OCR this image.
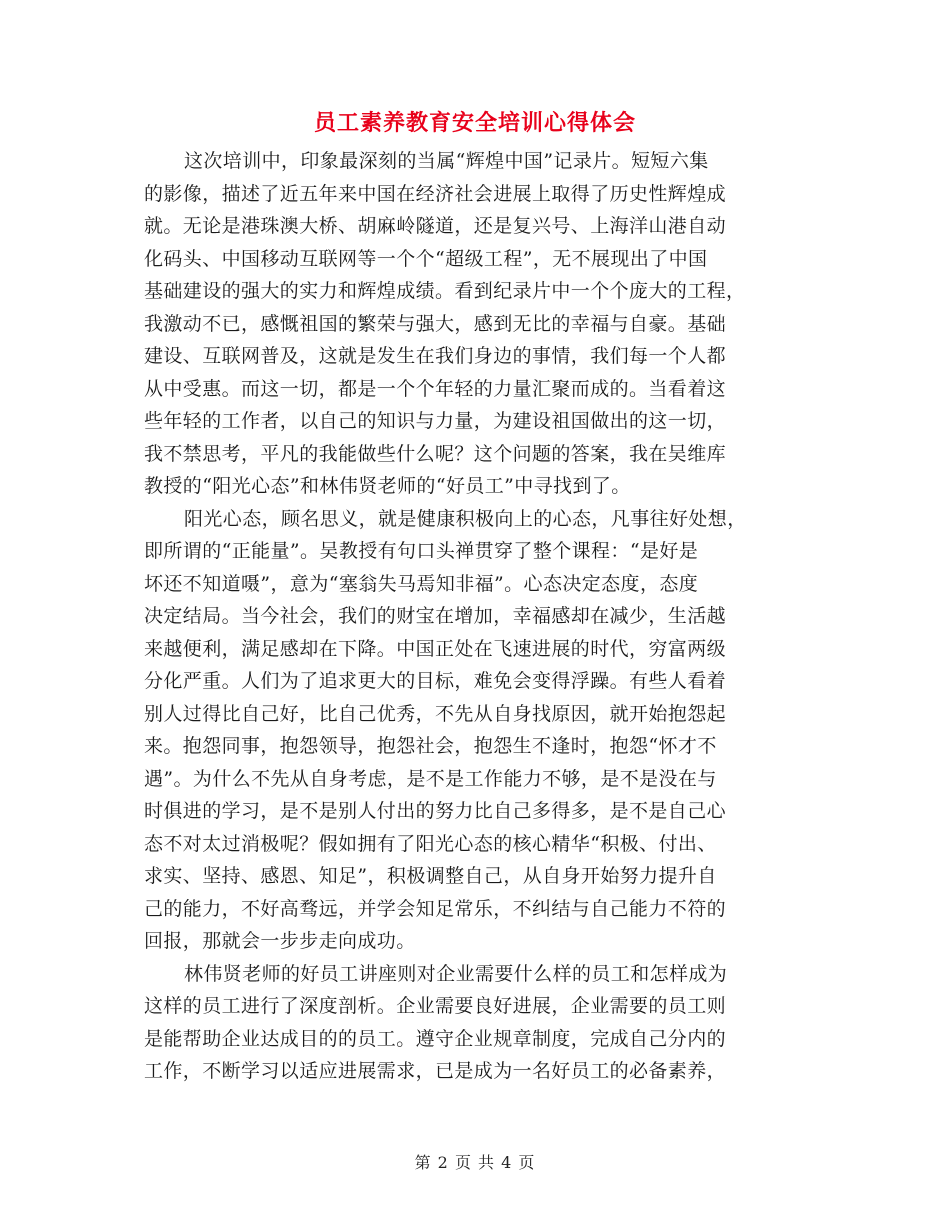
员工素养教育安全培训心得体会

这次培训中，印象最深刻的当属“辉煌中国”记录片。短短六集
的影像，描述了近五年来中国在经济社会进展上取得了历史性辉煌成
就。无论是港珠澳大桥、胡麻岭隧道，还是复兴号、上海洋山港自动
化码头、中国移动互联网等一个个“超级工程”，无不展现出了中国
基础建设的强大的实力和辉煌成绩。看到纪录片中一个个庞大的工程，
我激动不已，感慨祖国的繁荣与强大，感到无比的幸福与自豪。基础
建设、互联网普及，这就是发生在我们身边的事情，我们每一个人都
从中受惠。而这一切，都是一个个年轻的力量汇聚而成的。当看着这
些年轻的工作者，以自己的知识与力量，为建设祖国做出的这一切，
我不禁思考，平凡的我能做些什么呢？这个问题的答案，我在吴维库
教授的“阳光心态”和林伟贤老师的“好员工”中寻找到了。

阳光心态，顾名思义，就是健康积极向上的心态，凡事往好处想，
即所谓的“正能量”。吴教授有句口头禅贯穿了整个课程：“是好是
坏还不知道嗫”，意为“塞翁失马焉知非福”。心态决定态度，态度
决定结局。当今社会，我们的财宝在增加，幸福感却在减少，生活越
来越便利，满足感却在下降。中国正处在飞速进展的时代，穷富两级
分化严重。人们为了追求更大的目标，难免会变得浮躁。有些人看着
别人过得比自己好，比自己优秀，不先从自身找原因，就开始抱怨起
来。抱怨同事，抱怨领导，抱怨社会，抱怨生不逢时，抱怨“怀才不
遇”。为什么不先从自身考虑，是不是工作能力不够，是不是没在与
时俱进的学习，是不是别人付出的努力比自己多得多，是不是自己心
态不对太过消极呢？假如拥有了阳光心态的核心精华“积极、付出、
求实、坚持、感恩、知足”，积极调整自己，从自身开始努力提升自
己的能力，不好高骛远，并学会知足常乐，不纠结与自己能力不符的
回报，那就会一步步走向成功。

林伟贤老师的好员工讲座则对企业需要什么样的员工和怎样成为
这样的员工进行了深度剖析。企业需要良好进展，企业需要的员工则
是能帮助企业达成目的的员工。遵守企业规章制度，完成自己分内的
工作，不断学习以适应进展需求，已是成为一名好员工的必备素养，

第 2 页 共 4 页
